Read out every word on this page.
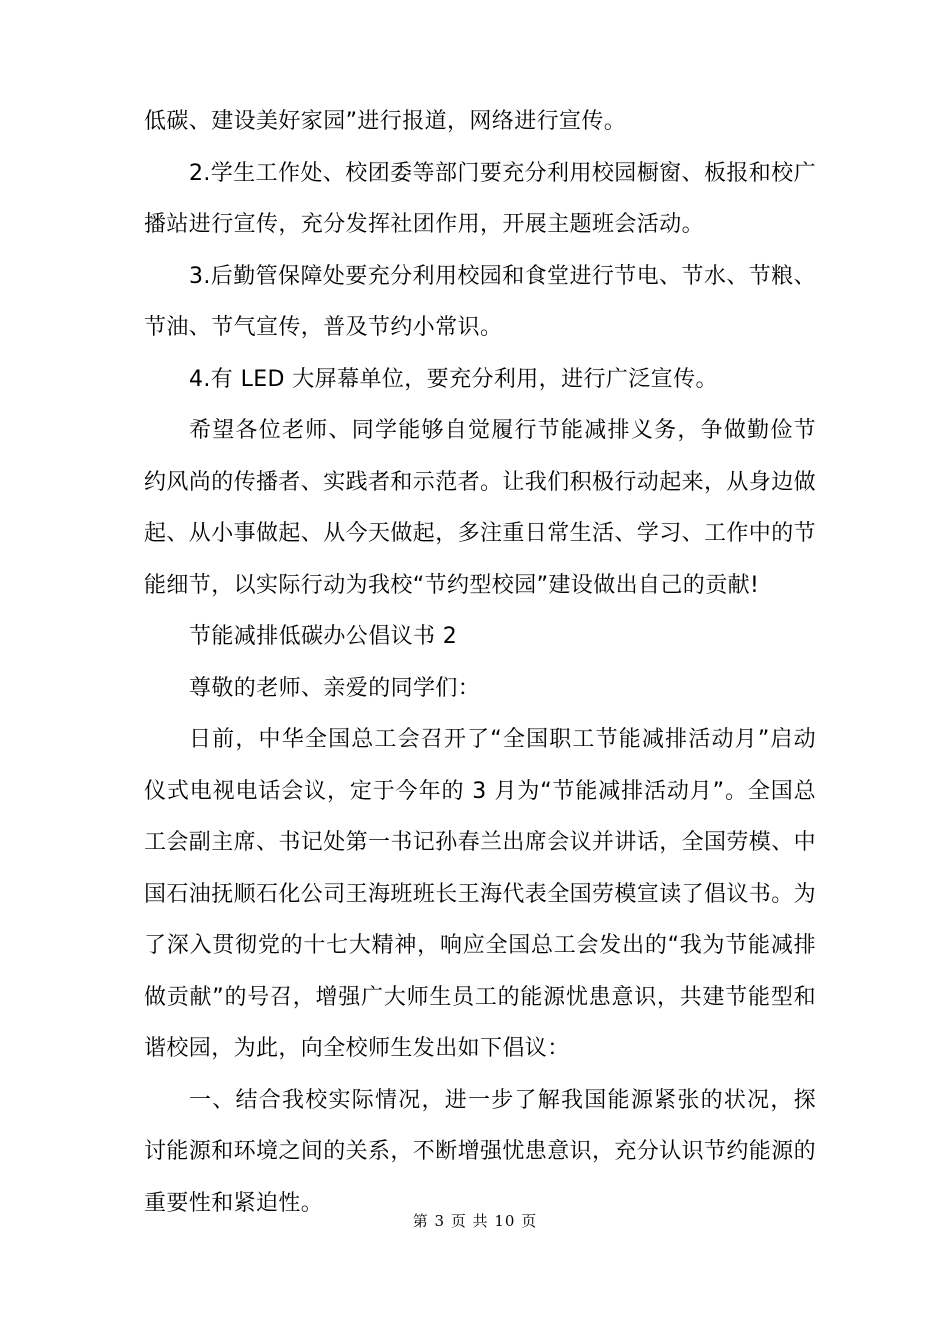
低碳、建设美好家园”进行报道，网络进行宣传。

2.学生工作处、校团委等部门要充分利用校园橱窗、板报和校广播站进行宣传，充分发挥社团作用，开展主题班会活动。

3.后勤管保障处要充分利用校园和食堂进行节电、节水、节粮、节油、节气宣传，普及节约小常识。

4.有 LED 大屏幕单位，要充分利用，进行广泛宣传。

希望各位老师、同学能够自觉履行节能减排义务，争做勤俭节约风尚的传播者、实践者和示范者。让我们积极行动起来，从身边做起、从小事做起、从今天做起，多注重日常生活、学习、工作中的节能细节，以实际行动为我校“节约型校园”建设做出自己的贡献!

节能减排低碳办公倡议书 2

尊敬的老师、亲爱的同学们：

日前，中华全国总工会召开了“全国职工节能减排活动月”启动仪式电视电话会议，定于今年的 3 月为“节能减排活动月”。全国总工会副主席、书记处第一书记孙春兰出席会议并讲话，全国劳模、中国石油抚顺石化公司王海班班长王海代表全国劳模宣读了倡议书。为了深入贯彻党的十七大精神，响应全国总工会发出的“我为节能减排做贡献”的号召，增强广大师生员工的能源忧患意识，共建节能型和谐校园，为此，向全校师生发出如下倡议：

一、结合我校实际情况，进一步了解我国能源紧张的状况，探讨能源和环境之间的关系，不断增强忧患意识，充分认识节约能源的重要性和紧迫性。

第 3 页 共 10 页
